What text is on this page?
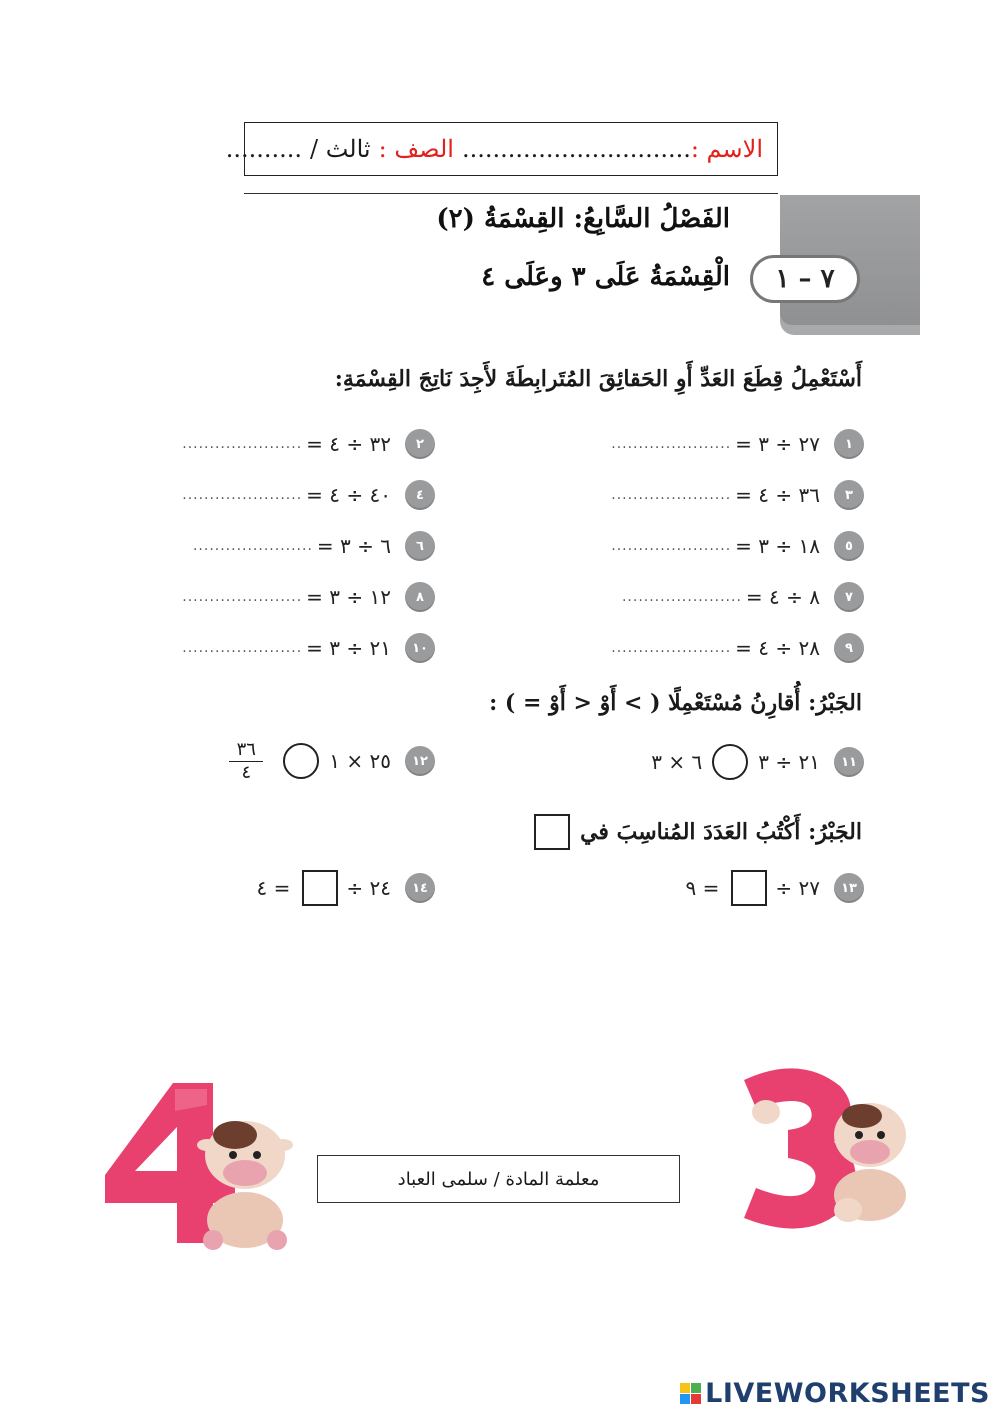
الاسم :
..............................
الصف :
ثالث /
..........
٧ – ١
الفَصْلُ السَّابِعُ: القِسْمَةُ (٢)
الْقِسْمَةُ عَلَى ٣ وعَلَى ٤
أَسْتَعْمِلُ قِطَعَ العَدِّ أَوِ الحَقائِقَ المُتَرابِطَةَ لأَجِدَ نَاتِجَ القِسْمَةِ:
١
٢٧ ÷ ٣ =
......................
٢
٣٢ ÷ ٤ =
......................
٣
٣٦ ÷ ٤ =
......................
٤
٤٠ ÷ ٤ =
......................
٥
١٨ ÷ ٣ =
......................
٦
٦ ÷ ٣ =
......................
٧
٨ ÷ ٤ =
......................
٨
١٢ ÷ ٣ =
......................
٩
٢٨ ÷ ٤ =
......................
١٠
٢١ ÷ ٣ =
......................
الجَبْرُ: أُقارِنُ مُسْتَعْمِلًا ( > أَوْ < أَوْ = ) :
١١
٢١ ÷ ٣
٦ × ٣
١٢
٢٥ × ١
$\frac{٣٦}{٤}$
الجَبْرُ: أَكْتُبُ العَدَدَ المُناسِبَ في
١٣
٢٧ ÷
= ٩
١٤
٢٤ ÷
= ٤
معلمة المادة / سلمى العباد
LIVEWORKSHEETS
